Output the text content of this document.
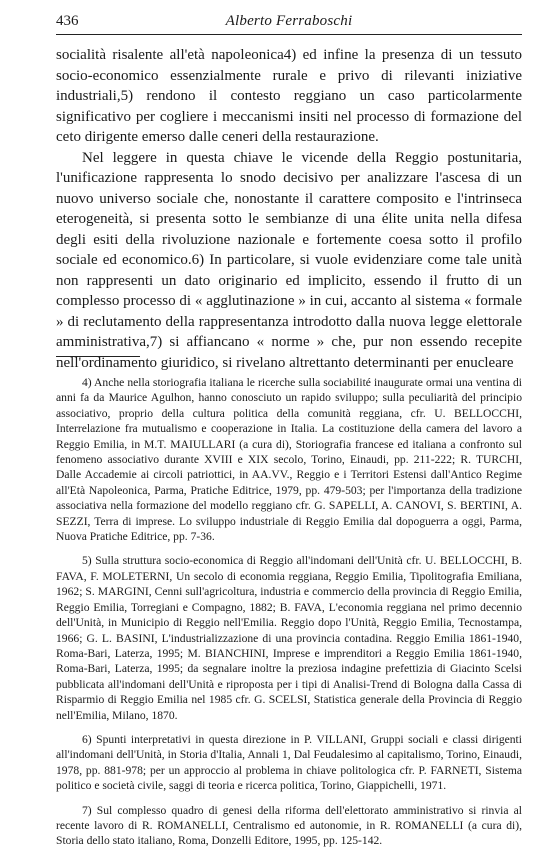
436	Alberto Ferraboschi

socialità risalente all'età napoleonica4) ed infine la presenza di un tessuto socio-economico essenzialmente rurale e privo di rilevanti iniziative industriali,5) rendono il contesto reggiano un caso particolarmente significativo per cogliere i meccanismi insiti nel processo di formazione del ceto dirigente emerso dalle ceneri della restaurazione.

Nel leggere in questa chiave le vicende della Reggio postunitaria, l'unificazione rappresenta lo snodo decisivo per analizzare l'ascesa di un nuovo universo sociale che, nonostante il carattere composito e l'intrinseca eterogeneità, si presenta sotto le sembianze di una élite unita nella difesa degli esiti della rivoluzione nazionale e fortemente coesa sotto il profilo sociale ed economico.6) In particolare, si vuole evidenziare come tale unità non rappresenti un dato originario ed implicito, essendo il frutto di un complesso processo di « agglutinazione » in cui, accanto al sistema « formale » di reclutamento della rappresentanza introdotto dalla nuova legge elettorale amministrativa,7) si affiancano « norme » che, pur non essendo recepite nell'ordinamento giuridico, si rivelano altrettanto determinanti per enucleare

4) Anche nella storiografia italiana le ricerche sulla sociabilité inaugurate ormai una ventina di anni fa da Maurice Agulhon, hanno conosciuto un rapido sviluppo; sulla peculiarità del principio associativo, proprio della cultura politica della comunità reggiana, cfr. U. BELLOCCHI, Interrelazione fra mutualismo e cooperazione in Italia. La costituzione della camera del lavoro a Reggio Emilia, in M.T. MAIULLARI (a cura di), Storiografia francese ed italiana a confronto sul fenomeno associativo durante XVIII e XIX secolo, Torino, Einaudi, pp. 211-222; R. TURCHI, Dalle Accademie ai circoli patriottici, in AA.VV., Reggio e i Territori Estensi dall'Antico Regime all'Età Napoleonica, Parma, Pratiche Editrice, 1979, pp. 479-503; per l'importanza della tradizione associativa nella formazione del modello reggiano cfr. G. SAPELLI, A. CANOVI, S. BERTINI, A. SEZZI, Terra di imprese. Lo sviluppo industriale di Reggio Emilia dal dopoguerra a oggi, Parma, Nuova Pratiche Editrice, pp. 7-36.

5) Sulla struttura socio-economica di Reggio all'indomani dell'Unità cfr. U. BELLOCCHI, B. FAVA, F. MOLETERNI, Un secolo di economia reggiana, Reggio Emilia, Tipolitografia Emiliana, 1962; S. MARGINI, Cenni sull'agricoltura, industria e commercio della provincia di Reggio Emilia, Reggio Emilia, Torregiani e Compagno, 1882; B. FAVA, L'economia reggiana nel primo decennio dell'Unità, in Municipio di Reggio nell'Emilia. Reggio dopo l'Unità, Reggio Emilia, Tecnostampa, 1966; G. L. BASINI, L'industrializzazione di una provincia contadina. Reggio Emilia 1861-1940, Roma-Bari, Laterza, 1995; M. BIANCHINI, Imprese e imprenditori a Reggio Emilia 1861-1940, Roma-Bari, Laterza, 1995; da segnalare inoltre la preziosa indagine prefettizia di Giacinto Scelsi pubblicata all'indomani dell'Unità e riproposta per i tipi di Analisi-Trend di Bologna dalla Cassa di Risparmio di Reggio Emilia nel 1985 cfr. G. SCELSI, Statistica generale della Provincia di Reggio nell'Emilia, Milano, 1870.

6) Spunti interpretativi in questa direzione in P. VILLANI, Gruppi sociali e classi dirigenti all'indomani dell'Unità, in Storia d'Italia, Annali 1, Dal Feudalesimo al capitalismo, Torino, Einaudi, 1978, pp. 881-978; per un approccio al problema in chiave politologica cfr. P. FARNETI, Sistema politico e società civile, saggi di teoria e ricerca politica, Torino, Giappichelli, 1971.

7) Sul complesso quadro di genesi della riforma dell'elettorato amministrativo si rinvia al recente lavoro di R. ROMANELLI, Centralismo ed autonomie, in R. ROMANELLI (a cura di), Storia dello stato italiano, Roma, Donzelli Editore, 1995, pp. 125-142.
